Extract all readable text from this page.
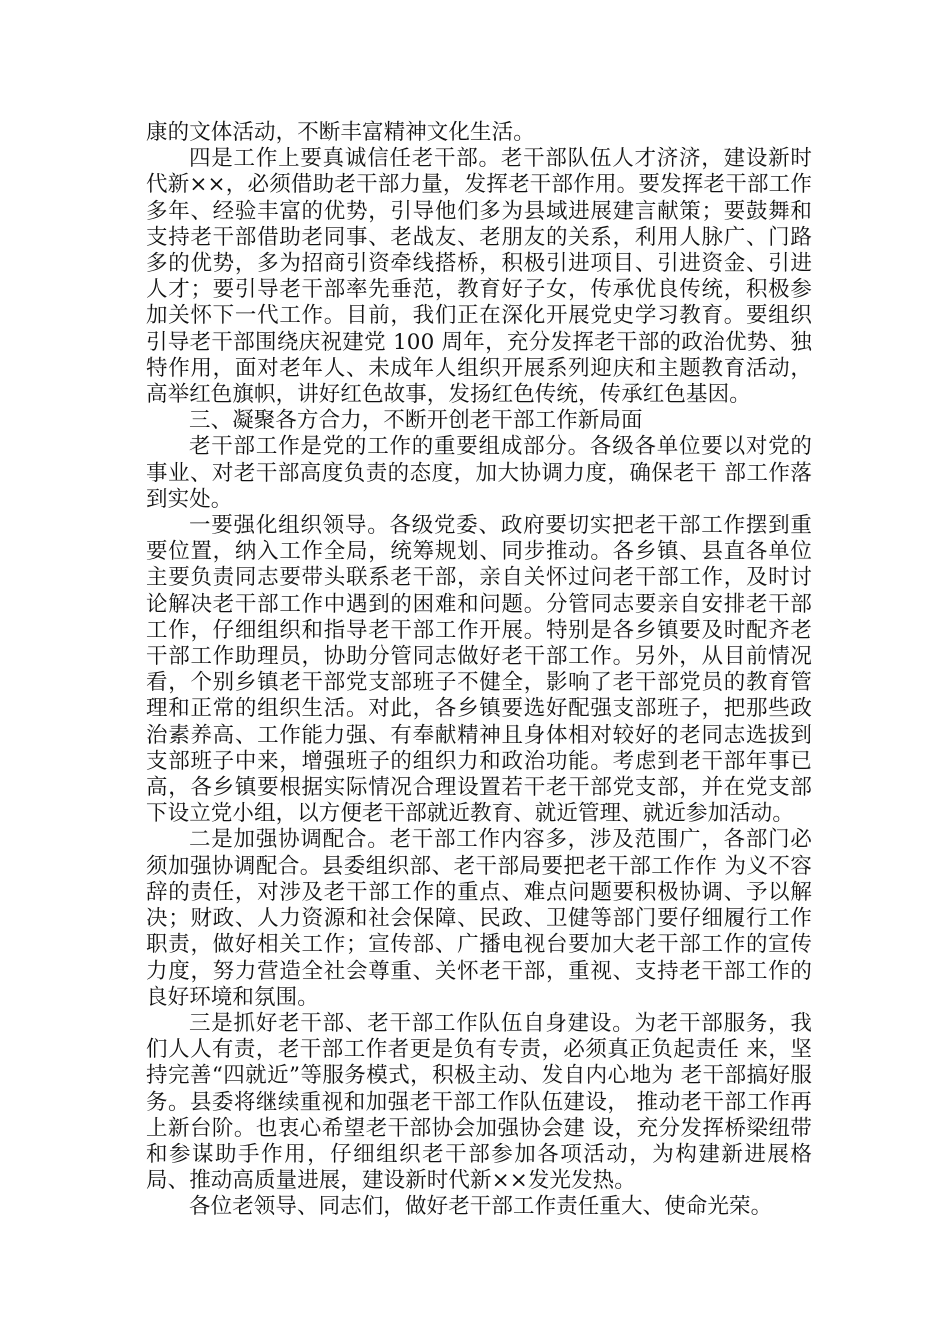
康的文体活动，不断丰富精神文化生活。

四是工作上要真诚信任老干部。老干部队伍人才济济，建设新时代新××，必须借助老干部力量，发挥老干部作用。要发挥老干部工作多年、经验丰富的优势，引导他们多为县域进展建言献策；要鼓舞和支持老干部借助老同事、老战友、老朋友的关系，利用人脉广、门路多的优势，多为招商引资牵线搭桥，积极引进项目、引进资金、引进人才；要引导老干部率先垂范，教育好子女，传承优良传统，积极参加关怀下一代工作。目前，我们正在深化开展党史学习教育。要组织引导老干部围绕庆祝建党 100 周年，充分发挥老干部的政治优势、独特作用，面对老年人、未成年人组织开展系列迎庆和主题教育活动，高举红色旗帜，讲好红色故事，发扬红色传统，传承红色基因。

三、凝聚各方合力，不断开创老干部工作新局面

老干部工作是党的工作的重要组成部分。各级各单位要以对党的事业、对老干部高度负责的态度，加大协调力度，确保老干 部工作落到实处。

一要强化组织领导。各级党委、政府要切实把老干部工作摆到重要位置，纳入工作全局，统筹规划、同步推动。各乡镇、县直各单位主要负责同志要带头联系老干部，亲自关怀过问老干部工作，及时讨论解决老干部工作中遇到的困难和问题。分管同志要亲自安排老干部工作，仔细组织和指导老干部工作开展。特别是各乡镇要及时配齐老干部工作助理员，协助分管同志做好老干部工作。另外，从目前情况看，个别乡镇老干部党支部班子不健全，影响了老干部党员的教育管理和正常的组织生活。对此，各乡镇要选好配强支部班子，把那些政治素养高、工作能力强、有奉献精神且身体相对较好的老同志选拔到支部班子中来，增强班子的组织力和政治功能。考虑到老干部年事已高，各乡镇要根据实际情况合理设置若干老干部党支部，并在党支部下设立党小组，以方便老干部就近教育、就近管理、就近参加活动。

二是加强协调配合。老干部工作内容多，涉及范围广，各部门必须加强协调配合。县委组织部、老干部局要把老干部工作作 为义不容辞的责任，对涉及老干部工作的重点、难点问题要积极协调、予以解决；财政、人力资源和社会保障、民政、卫健等部门要仔细履行工作职责，做好相关工作；宣传部、广播电视台要加大老干部工作的宣传力度，努力营造全社会尊重、关怀老干部，重视、支持老干部工作的良好环境和氛围。

三是抓好老干部、老干部工作队伍自身建设。为老干部服务，我们人人有责，老干部工作者更是负有专责，必须真正负起责任 来，坚持完善“四就近”等服务模式，积极主动、发自内心地为 老干部搞好服务。县委将继续重视和加强老干部工作队伍建设， 推动老干部工作再上新台阶。也衷心希望老干部协会加强协会建 设，充分发挥桥梁纽带和参谋助手作用，仔细组织老干部参加各项活动，为构建新进展格局、推动高质量进展，建设新时代新××发光发热。

各位老领导、同志们，做好老干部工作责任重大、使命光荣。
